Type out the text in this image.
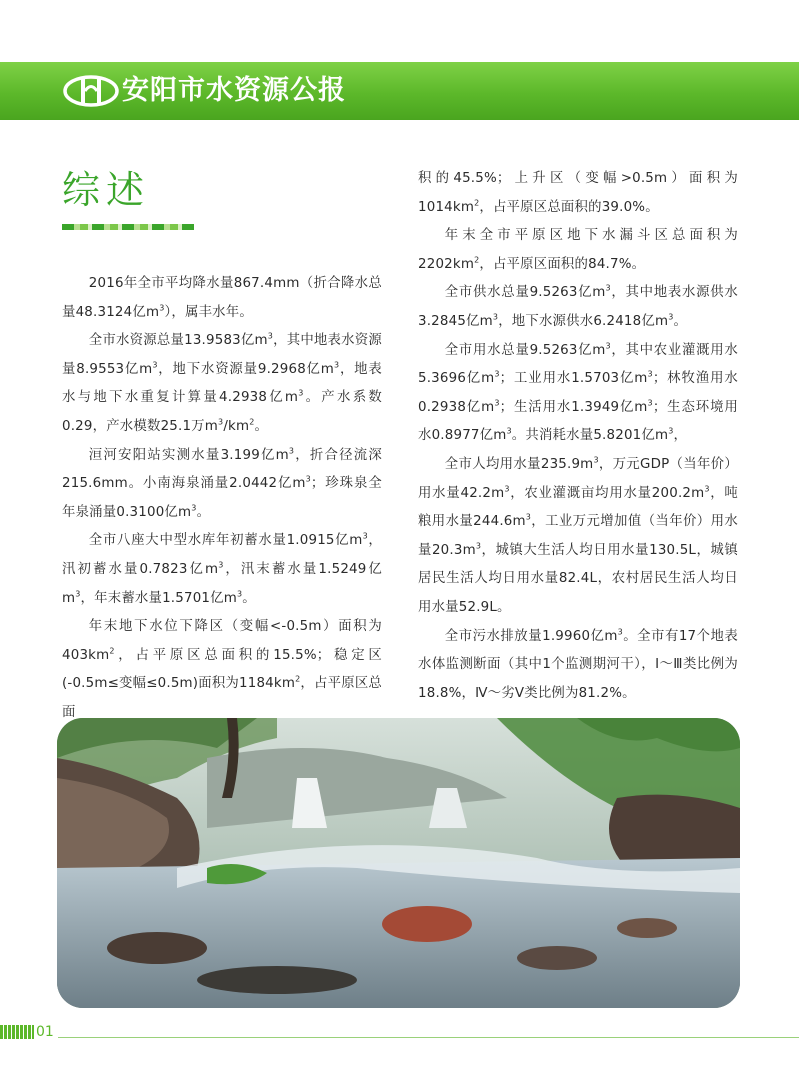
安阳市水资源公报
综述

2016年全市平均降水量867.4mm（折合降水总量48.3124亿$m^3$），属丰水年。

全市水资源总量13.9583亿$m^3$，其中地表水资源量8.9553亿$m^3$，地下水资源量9.2968亿$m^3$，地表水与地下水重复计算量4.2938亿$m^3$。产水系数0.29，产水模数25.1万$m^3/km^2$。

洹河安阳站实测水量3.199亿$m^3$，折合径流深215.6mm。小南海泉涌量2.0442亿$m^3$；珍珠泉全年泉涌量0.3100亿$m^3$。

全市八座大中型水库年初蓄水量1.0915亿$m^3$，汛初蓄水量0.7823亿$m^3$，汛末蓄水量1.5249亿$m^3$，年末蓄水量1.5701亿$m^3$。

年末地下水位下降区（变幅<-0.5m）面积为$403km^2$，占平原区总面积的15.5%；稳定区(-0.5m≤变幅≤0.5m)面积为$1184km^2$，占平原区总面

积的45.5%；上升区（变幅>0.5m）面积为$1014km^2$，占平原区总面积的39.0%。

年末全市平原区地下水漏斗区总面积为$2202km^2$，占平原区面积的84.7%。

全市供水总量9.5263亿$m^3$，其中地表水源供水3.2845亿$m^3$，地下水源供水6.2418亿$m^3$。

全市用水总量9.5263亿$m^3$，其中农业灌溉用水5.3696亿$m^3$；工业用水1.5703亿$m^3$；林牧渔用水0.2938亿$m^3$；生活用水1.3949亿$m^3$；生态环境用水0.8977亿$m^3$。共消耗水量5.8201亿$m^3$，

全市人均用水量$235.9m^3$，万元GDP（当年价）用水量$42.2m^3$，农业灌溉亩均用水量$200.2m^3$，吨粮用水量$244.6m^3$，工业万元增加值（当年价）用水量$20.3m^3$，城镇大生活人均日用水量130.5L，城镇居民生活人均日用水量82.4L，农村居民生活人均日用水量52.9L。

全市污水排放量1.9960亿$m^3$。全市有17个地表水体监测断面（其中1个监测期河干），Ⅰ～Ⅲ类比例为18.8%，Ⅳ～劣Ⅴ类比例为81.2%。

01
